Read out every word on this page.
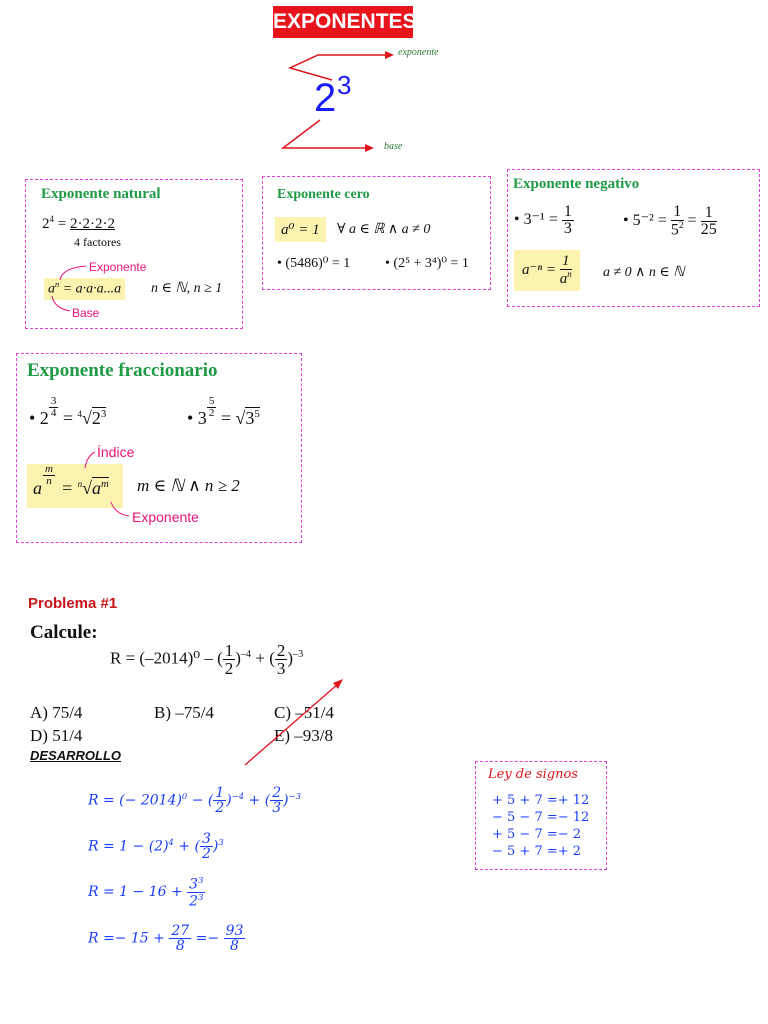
EXPONENTES
2 3
exponente
base
Exponente natural
$2^4 = 2\cdot 2\cdot 2\cdot 2$
4 factores
Exponente
$a^n = a\cdot a\cdot a...a$ n ∈ ℕ, n ≥ 1
Base
Exponente cero
a⁰ = 1	∀ a ∈ ℝ ∧ a ≠ 0
• (5486)⁰ = 1 • (2⁵ + 3⁴)⁰ = 1
Exponente negativo
• $3^{-1} = \frac{1}{3}$	• $5^{-2} = \frac{1}{5^2} = \frac{1}{25}$
$a^{-n} = \frac{1}{a^n}$ a ≠ 0 ∧ n ∈ ℕ
Exponente fraccionario
• 2 $^{\frac{3}{4}} = ^4√2^3$	• 3 $^{\frac{5}{2}} = √3^5$
Índice
a
$\frac{m}{n}$
= $^n√a^m$ m ∈ ℕ ∧ n ≥ 2
Exponente
Problema #1
Calcule:
R = (–2014)⁰ – ( $\frac{1}{2} )^{-4}$ + ( $\frac{2}{3} )^{-3}$
A) 75/4	B) –75/4	C) –51/4
D) 51/4	E) –93/8
DESARROLLO
R = (− 2014)$^0$ − ( $\frac{1}{2} )^{-4}$ + ( $\frac{2}{3} )^{-3}$
$R = 1 - (2)^4$ + ( $\frac{3}{2} )^3$
$R = 1 - 16 + \frac{3^3}{2^3}$
$R =- 15 + \frac{27}{8} =- \frac{93}{8}$
Ley de signos
+ 5 + 7 =+ 12
− 5 − 7 =− 12
+ 5 − 7 =− 2
− 5 + 7 =+ 2
